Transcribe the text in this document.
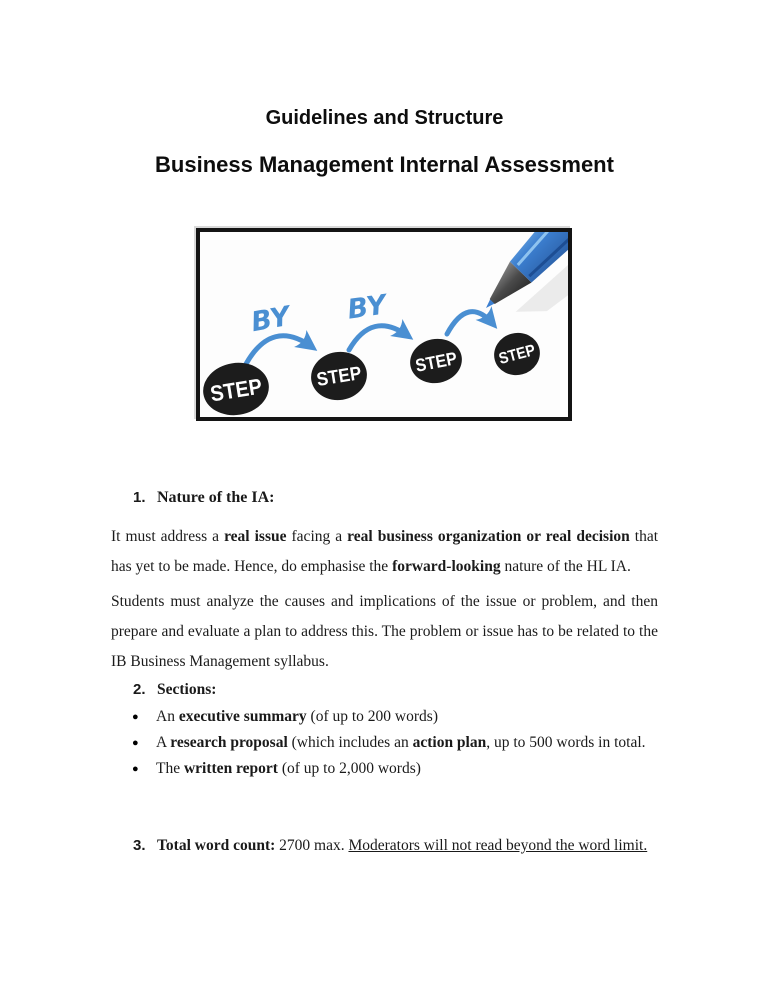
Guidelines and Structure
Business Management Internal Assessment
BY BY
STEP STEP
STEP STEP
1. Nature of the IA:

It must address a real issue facing a real business organization or real decision that has yet to be made. Hence, do emphasise the forward-looking nature of the HL IA.

Students must analyze the causes and implications of the issue or problem, and then prepare and evaluate a plan to address this. The problem or issue has to be related to the IB Business Management syllabus.

2. Sections:
●	An executive summary (of up to 200 words)
●	A research proposal (which includes an action plan, up to 500 words in total.
●	The written report (of up to 2,000 words)
3. Total word count: 2700 max. Moderators will not read beyond the word limit.
